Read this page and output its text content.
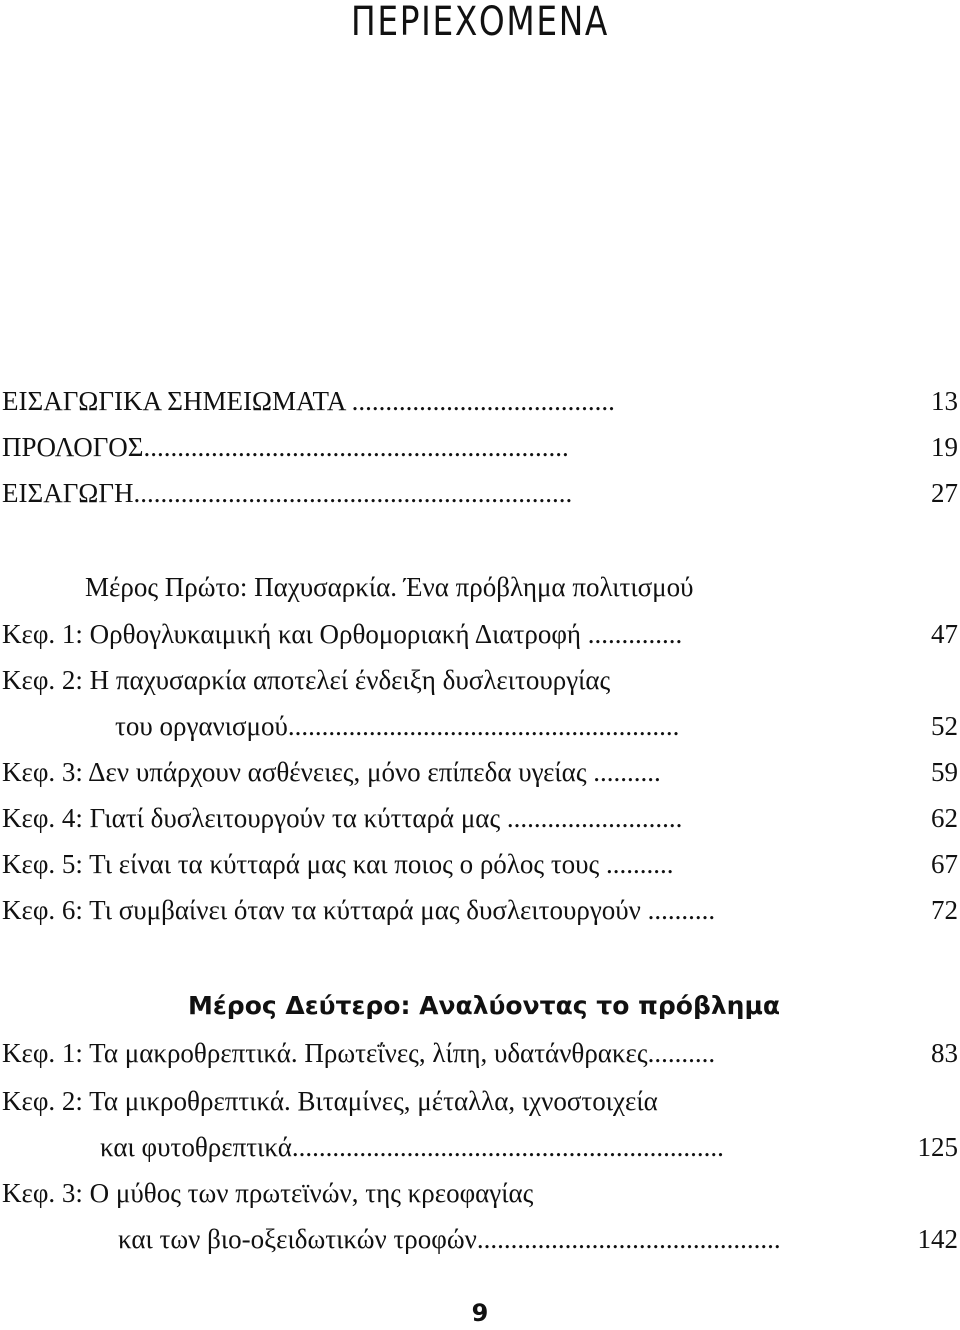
ΠΕΡΙΕΧΟΜΕΝΑ
ΕΙΣΑΓΩΓΙΚΑ ΣΗΜΕΙΩΜΑΤΑ .......................................	13
ΠΡΟΛΟΓΟΣ...............................................................	19
ΕΙΣΑΓΩΓΗ.................................................................	27
Μέρος Πρώτο: Παχυσαρκία. Ένα πρόβλημα πολιτισμού
Κεφ. 1: Ορθογλυκαιμική και Ορθομοριακή Διατροφή ..............	47
Κεφ. 2: Η παχυσαρκία αποτελεί ένδειξη δυσλειτουργίας
του οργανισμού..........................................................	52
Κεφ. 3: Δεν υπάρχουν ασθένειες, μόνο επίπεδα υγείας ..........	59
Κεφ. 4: Γιατί δυσλειτουργούν τα κύτταρά μας ..........................	62
Κεφ. 5: Τι είναι τα κύτταρά μας και ποιος ο ρόλος τους ..........	67
Κεφ. 6: Τι συμβαίνει όταν τα κύτταρά μας δυσλειτουργούν ..........	72
Μέρος Δεύτερο: Αναλύοντας το πρόβλημα
Κεφ. 1: Τα μακροθρεπτικά. Πρωτεΐνες, λίπη, υδατάνθρακες..........	83
Κεφ. 2: Τα μικροθρεπτικά. Βιταμίνες, μέταλλα, ιχνοστοιχεία
και φυτοθρεπτικά................................................................	125
Κεφ. 3: Ο μύθος των πρωτεϊνών, της κρεοφαγίας
και των βιο-οξειδωτικών τροφών.............................................	142
9
